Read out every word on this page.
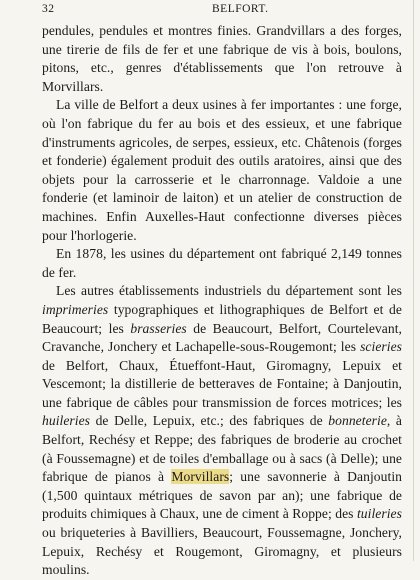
32	BELFORT.

pendules, pendules et montres finies. Grandvillars a des forges, une tirerie de fils de fer et une fabrique de vis à bois, boulons, pitons, etc., genres d'établissements que l'on retrouve à Morvillars.

La ville de Belfort a deux usines à fer importantes : une forge, où l'on fabrique du fer au bois et des essieux, et une fabrique d'instruments agricoles, de serpes, essieux, etc. Châtenois (forges et fonderie) également produit des outils aratoires, ainsi que des objets pour la carrosserie et le charronnage. Valdoie a une fonderie (et laminoir de laiton) et un atelier de construction de machines. Enfin Auxelles-Haut confectionne diverses pièces pour l'horlogerie.

En 1878, les usines du département ont fabriqué 2,149 tonnes de fer.

Les autres établissements industriels du département sont les imprimeries typographiques et lithographiques de Belfort et de Beaucourt; les brasseries de Beaucourt, Belfort, Courtelevant, Cravanche, Jonchery et Lachapelle-sous-Rougemont; les scieries de Belfort, Chaux, Étueffont-Haut, Giromagny, Lepuix et Vescemont; la distillerie de betteraves de Fontaine; à Danjoutin, une fabrique de câbles pour transmission de forces motrices; les huileries de Delle, Lepuix, etc.; des fabriques de bonneterie, à Belfort, Rechésy et Reppe; des fabriques de broderie au crochet (à Foussemagne) et de toiles d'emballage ou à sacs (à Delle); une fabrique de pianos à Morvillars; une savonnerie à Danjoutin (1,500 quintaux métriques de savon par an); une fabrique de produits chimiques à Chaux, une de ciment à Roppe; des tuileries ou briqueteries à Bavilliers, Beaucourt, Foussemagne, Jonchery, Lepuix, Rechésy et Rougemont, Giromagny, et plusieurs moulins.
